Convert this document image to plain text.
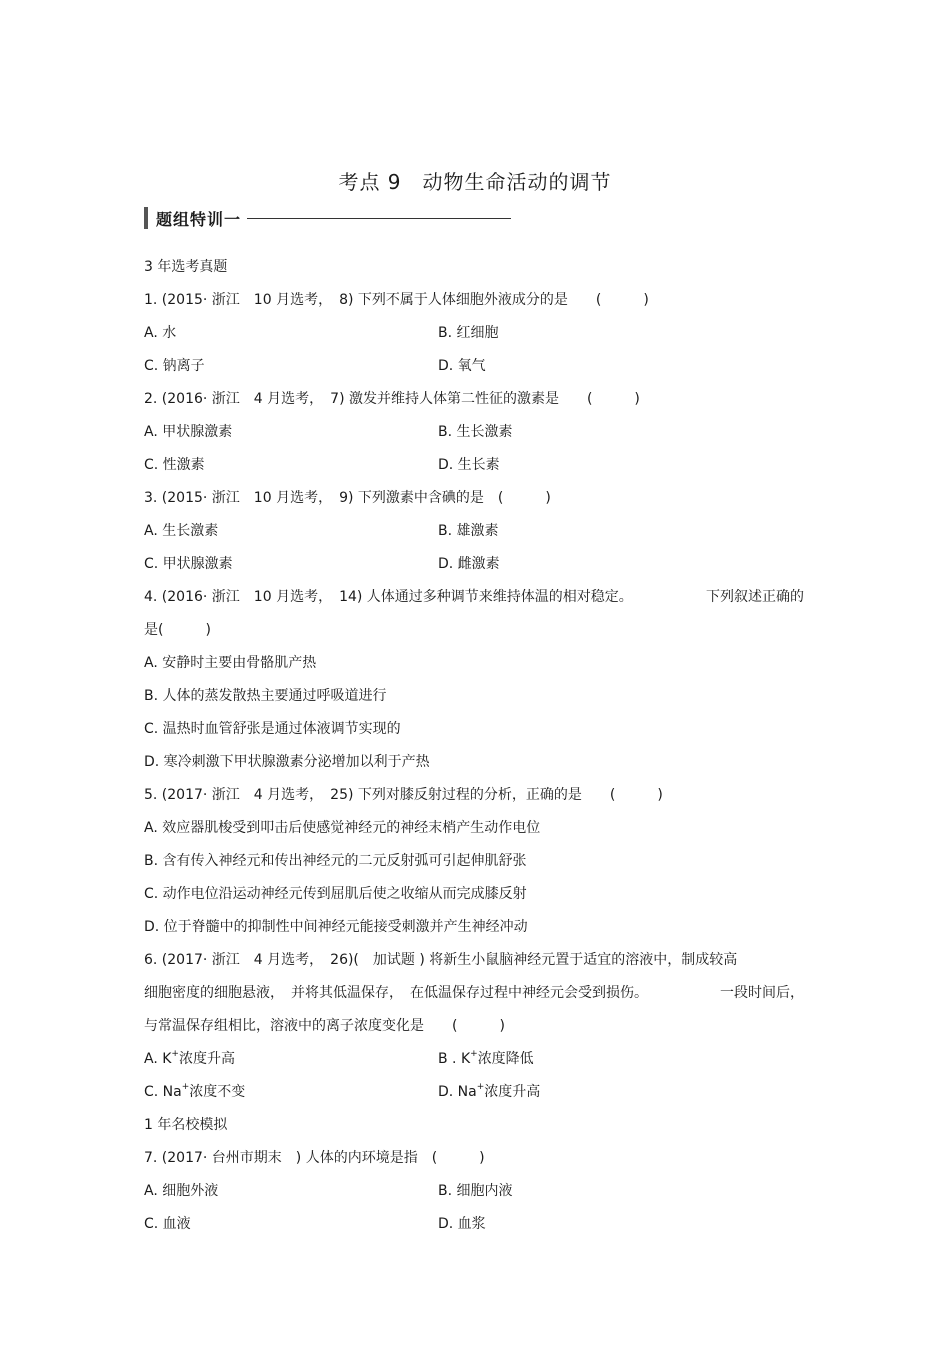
考点 9　动物生命活动的调节
题组特训一
3 年选考真题
1. (2015· 浙江　10 月选考，　8) 下列不属于人体细胞外液成分的是　　(　　　)
A. 水	B. 红细胞
C. 钠离子	D. 氧气
2. (2016· 浙江　4 月选考，　7) 激发并维持人体第二性征的激素是　　(　　　)
A. 甲状腺激素	B. 生长激素
C. 性激素	D. 生长素
3. (2015· 浙江　10 月选考，　9) 下列激素中含碘的是　(　　　)
A. 生长激素	B. 雄激素
C. 甲状腺激素	D. 雌激素
4. (2016· 浙江　10 月选考，　14) 人体通过多种调节来维持体温的相对稳定。	下列叙述正确的
是(　　　)
A. 安静时主要由骨骼肌产热
B. 人体的蒸发散热主要通过呼吸道进行
C. 温热时血管舒张是通过体液调节实现的
D. 寒冷刺激下甲状腺激素分泌增加以利于产热
5. (2017· 浙江　4 月选考，　25) 下列对膝反射过程的分析，正确的是　　(　　　)
A. 效应器肌梭受到叩击后使感觉神经元的神经末梢产生动作电位
B. 含有传入神经元和传出神经元的二元反射弧可引起伸肌舒张
C. 动作电位沿运动神经元传到屈肌后使之收缩从而完成膝反射
D. 位于脊髓中的抑制性中间神经元能接受刺激并产生神经冲动
6. (2017· 浙江　4 月选考，　26)(　加试题 ) 将新生小鼠脑神经元置于适宜的溶液中，制成较高
细胞密度的细胞悬液，　并将其低温保存，　在低温保存过程中神经元会受到损伤。	一段时间后，
与常温保存组相比，溶液中的离子浓度变化是　　(　　　)
A. K+浓度升高	B . K+浓度降低
C. Na+浓度不变	D. Na+浓度升高
1 年名校模拟
7. (2017· 台州市期末　) 人体的内环境是指　(　　　)
A. 细胞外液	B. 细胞内液
C. 血液	D. 血浆
